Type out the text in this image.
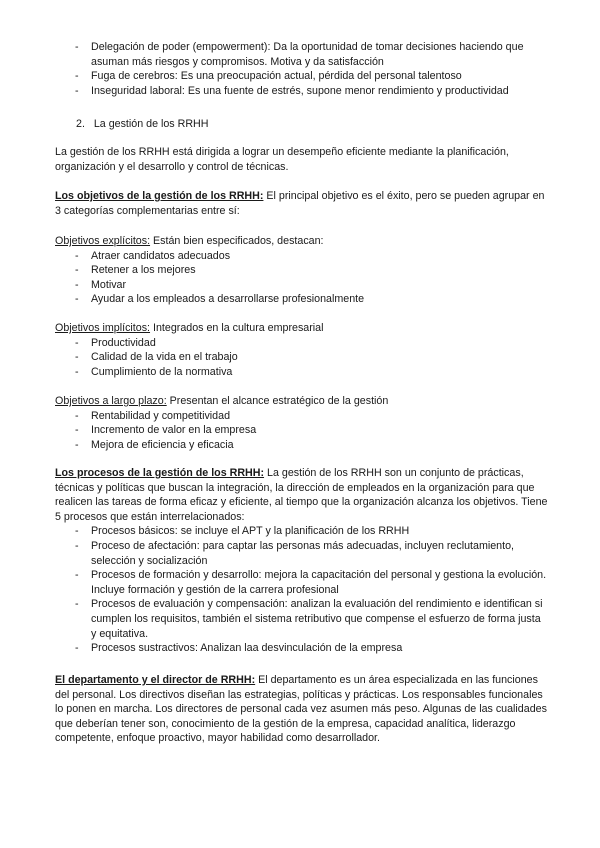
- Delegación de poder (empowerment): Da la oportunidad de tomar decisiones haciendo que asuman más riesgos y compromisos. Motiva y da satisfacción
- Fuga de cerebros: Es una preocupación actual, pérdida del personal talentoso
- Inseguridad laboral: Es una fuente de estrés, supone menor rendimiento y productividad
2. La gestión de los RRHH

La gestión de los RRHH está dirigida a lograr un desempeño eficiente mediante la planificación, organización y el desarrollo y control de técnicas.

Los objetivos de la gestión de los RRHH: El principal objetivo es el éxito, pero se pueden agrupar en 3 categorías complementarias entre sí:

Objetivos explícitos: Están bien especificados, destacan:

- Atraer candidatos adecuados
- Retener a los mejores
- Motivar
- Ayudar a los empleados a desarrollarse profesionalmente

Objetivos implícitos: Integrados en la cultura empresarial

- Productividad
- Calidad de la vida en el trabajo
- Cumplimiento de la normativa

Objetivos a largo plazo: Presentan el alcance estratégico de la gestión

- Rentabilidad y competitividad
- Incremento de valor en la empresa
- Mejora de eficiencia y eficacia

Los procesos de la gestión de los RRHH: La gestión de los RRHH son un conjunto de prácticas, técnicas y políticas que buscan la integración, la dirección de empleados en la organización para que realicen las tareas de forma eficaz y eficiente, al tiempo que la organización alcanza los objetivos. Tiene 5 procesos que están interrelacionados:

- Procesos básicos: se incluye el APT y la planificación de los RRHH
- Proceso de afectación: para captar las personas más adecuadas, incluyen reclutamiento, selección y socialización
- Procesos de formación y desarrollo: mejora la capacitación del personal y gestiona la evolución. Incluye formación y gestión de la carrera profesional
- Procesos de evaluación y compensación: analizan la evaluación del rendimiento e identifican si cumplen los requisitos, también el sistema retributivo que compense el esfuerzo de forma justa y equitativa.
- Procesos sustractivos: Analizan laa desvinculación de la empresa

El departamento y el director de RRHH: El departamento es un área especializada en las funciones del personal. Los directivos diseñan las estrategias, políticas y prácticas. Los responsables funcionales lo ponen en marcha. Los directores de personal cada vez asumen más peso. Algunas de las cualidades que deberían tener son, conocimiento de la gestión de la empresa, capacidad analítica, liderazgo competente, enfoque proactivo, mayor habilidad como desarrollador.
